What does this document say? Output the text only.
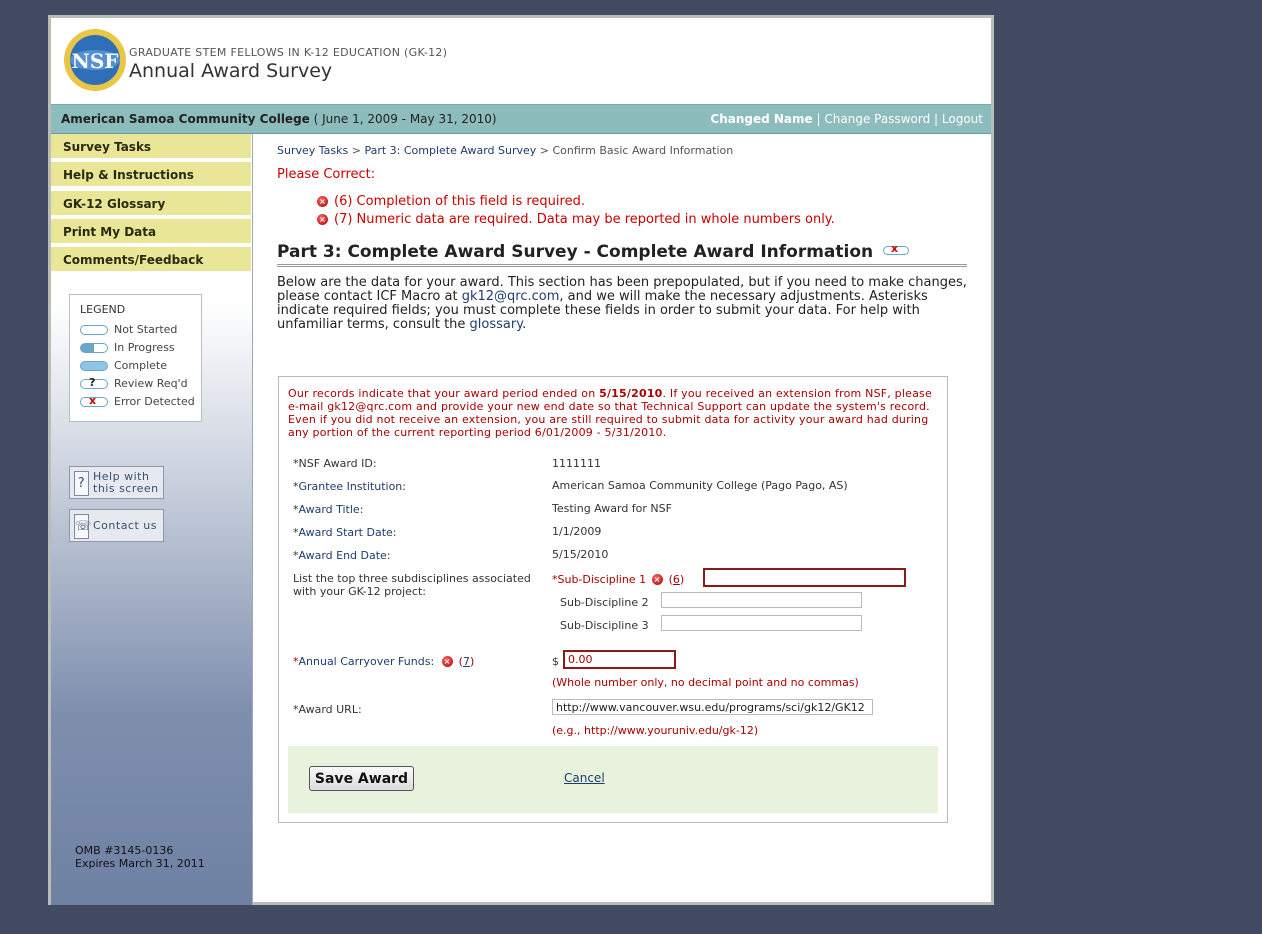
NSF GRADUATE STEM FELLOWS IN K-12 EDUCATION (GK-12)
Annual Award Survey
American Samoa Community College ( June 1, 2009 - May 31, 2010)	Changed Name | Change Password | Logout
Survey Tasks
Help & Instructions
GK-12 Glossary
Print My Data
Comments/Feedback
LEGEND
Not Started
In Progress
Complete
? Review Req'd
x Error Detected
? Help with
this screen
☏ Contact us
OMB #3145-0136
Expires March 31, 2011
Survey Tasks > Part 3: Complete Award Survey > Confirm Basic Award Information
Please Correct:
× (6) Completion of this field is required.
× (7) Numeric data are required. Data may be reported in whole numbers only.
Part 3: Complete Award Survey - Complete Award Information x
Below are the data for your award. This section has been prepopulated, but if you need to make changes, please contact ICF Macro at gk12@qrc.com, and we will make the necessary adjustments. Asterisks indicate required fields; you must complete these fields in order to submit your data. For help with unfamiliar terms, consult the glossary.
Our records indicate that your award period ended on 5/15/2010. If you received an extension from NSF, please e-mail gk12@qrc.com and provide your new end date so that Technical Support can update the system's record. Even if you did not receive an extension, you are still required to submit data for activity your award had during any portion of the current reporting period 6/01/2009 - 5/31/2010.
*NSF Award ID:	1111111
*Grantee Institution:	American Samoa Community College (Pago Pago, AS)
*Award Title:	Testing Award for NSF
*Award Start Date:	1/1/2009
*Award End Date:	5/15/2010
List the top three subdisciplines associated
with your GK-12 project:
*Sub-Discipline 1 × (6)
Sub-Discipline 2
Sub-Discipline 3
*Annual Carryover Funds: × (7)	$
0.00
(Whole number only, no decimal point and no commas)
*Award URL:
http://www.vancouver.wsu.edu/programs/sci/gk12/GK12
(e.g., http://www.youruniv.edu/gk-12)
Save Award	Cancel
